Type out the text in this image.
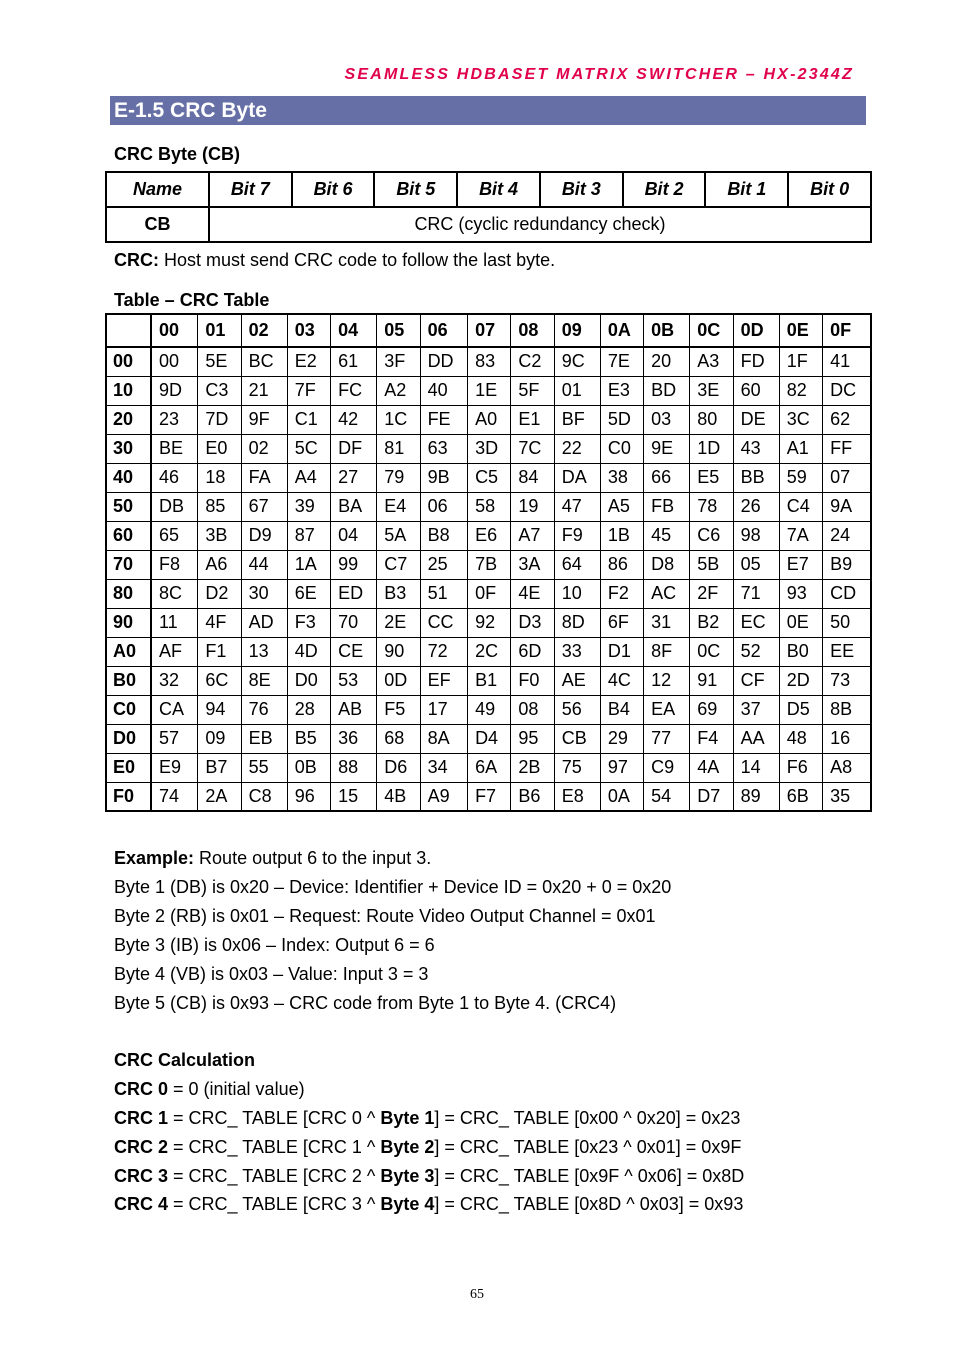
SEAMLESS HDBASET MATRIX SWITCHER – HX-2344Z
E-1.5 CRC Byte
CRC Byte (CB)
Name	Bit 7	Bit 6	Bit 5	Bit 4	Bit 3	Bit 2	Bit 1	Bit 0
CB	CRC (cyclic redundancy check)							
CRC: Host must send CRC code to follow the last byte.
Table – CRC Table
	00	01	02	03	04	05	06	07	08	09	0A	0B	0C	0D	0E	0F
00	00	5E	BC	E2	61	3F	DD	83	C2	9C	7E	20	A3	FD	1F	41
10	9D	C3	21	7F	FC	A2	40	1E	5F	01	E3	BD	3E	60	82	DC
20	23	7D	9F	C1	42	1C	FE	A0	E1	BF	5D	03	80	DE	3C	62
30	BE	E0	02	5C	DF	81	63	3D	7C	22	C0	9E	1D	43	A1	FF
40	46	18	FA	A4	27	79	9B	C5	84	DA	38	66	E5	BB	59	07
50	DB	85	67	39	BA	E4	06	58	19	47	A5	FB	78	26	C4	9A
60	65	3B	D9	87	04	5A	B8	E6	A7	F9	1B	45	C6	98	7A	24
70	F8	A6	44	1A	99	C7	25	7B	3A	64	86	D8	5B	05	E7	B9
80	8C	D2	30	6E	ED	B3	51	0F	4E	10	F2	AC	2F	71	93	CD
90	11	4F	AD	F3	70	2E	CC	92	D3	8D	6F	31	B2	EC	0E	50
A0	AF	F1	13	4D	CE	90	72	2C	6D	33	D1	8F	0C	52	B0	EE
B0	32	6C	8E	D0	53	0D	EF	B1	F0	AE	4C	12	91	CF	2D	73
C0	CA	94	76	28	AB	F5	17	49	08	56	B4	EA	69	37	D5	8B
D0	57	09	EB	B5	36	68	8A	D4	95	CB	29	77	F4	AA	48	16
E0	E9	B7	55	0B	88	D6	34	6A	2B	75	97	C9	4A	14	F6	A8
F0	74	2A	C8	96	15	4B	A9	F7	B6	E8	0A	54	D7	89	6B	35
Example: Route output 6 to the input 3.
Byte 1 (DB) is 0x20 – Device: Identifier + Device ID = 0x20 + 0 = 0x20
Byte 2 (RB) is 0x01 – Request: Route Video Output Channel = 0x01
Byte 3 (IB) is 0x06 – Index: Output 6 = 6
Byte 4 (VB) is 0x03 – Value: Input 3 = 3
Byte 5 (CB) is 0x93 – CRC code from Byte 1 to Byte 4. (CRC4)
CRC Calculation
CRC 0 = 0 (initial value)
CRC 1 = CRC_ TABLE [CRC 0 ^ Byte 1] = CRC_ TABLE [0x00 ^ 0x20] = 0x23
CRC 2 = CRC_ TABLE [CRC 1 ^ Byte 2] = CRC_ TABLE [0x23 ^ 0x01] = 0x9F
CRC 3 = CRC_ TABLE [CRC 2 ^ Byte 3] = CRC_ TABLE [0x9F ^ 0x06] = 0x8D
CRC 4 = CRC_ TABLE [CRC 3 ^ Byte 4] = CRC_ TABLE [0x8D ^ 0x03] = 0x93
65
